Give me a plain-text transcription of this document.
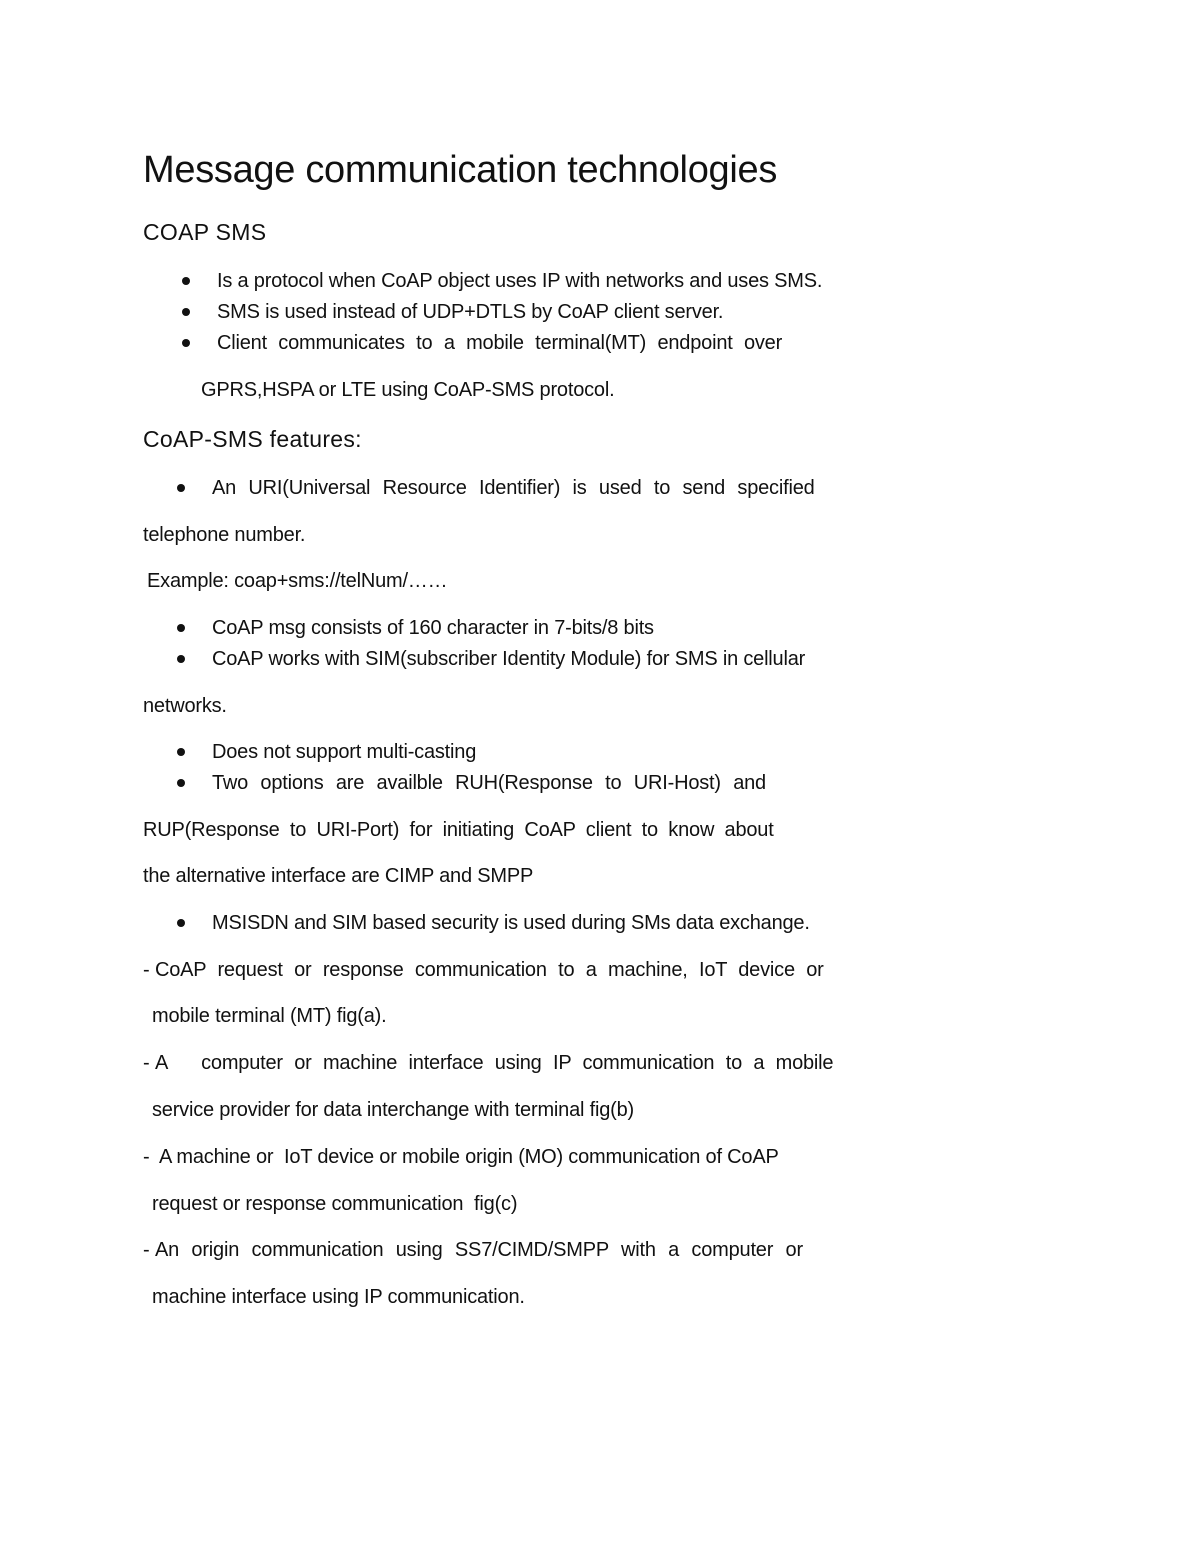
Message communication technologies
COAP SMS
Is a protocol when CoAP object uses IP with networks and uses SMS.
SMS is used instead of UDP+DTLS by CoAP client server.
Client communicates to a mobile terminal(MT) endpoint over
GPRS,HSPA or LTE using CoAP-SMS protocol.
CoAP-SMS features:
An URI(Universal Resource Identifier) is used to send specified
telephone number.
Example: coap+sms://telNum/……
CoAP msg consists of 160 character in 7-bits/8 bits
CoAP works with SIM(subscriber Identity Module) for SMS in cellular
networks.
Does not support multi-casting
Two options are availble RUH(Response to URI-Host) and
RUP(Response to URI-Port) for initiating CoAP client to know about
the alternative interface are CIMP and SMPP
MSISDN and SIM based security is used during SMs data exchange.
- CoAP request or response communication to a machine, IoT device or
mobile terminal (MT) fig(a).
- A   computer or machine interface using IP communication to a mobile
service provider for data interchange with terminal fig(b)
- A machine or  IoT device or mobile origin (MO) communication of CoAP
request or response communication  fig(c)
- An origin communication using SS7/CIMD/SMPP with a computer or
machine interface using IP communication.
